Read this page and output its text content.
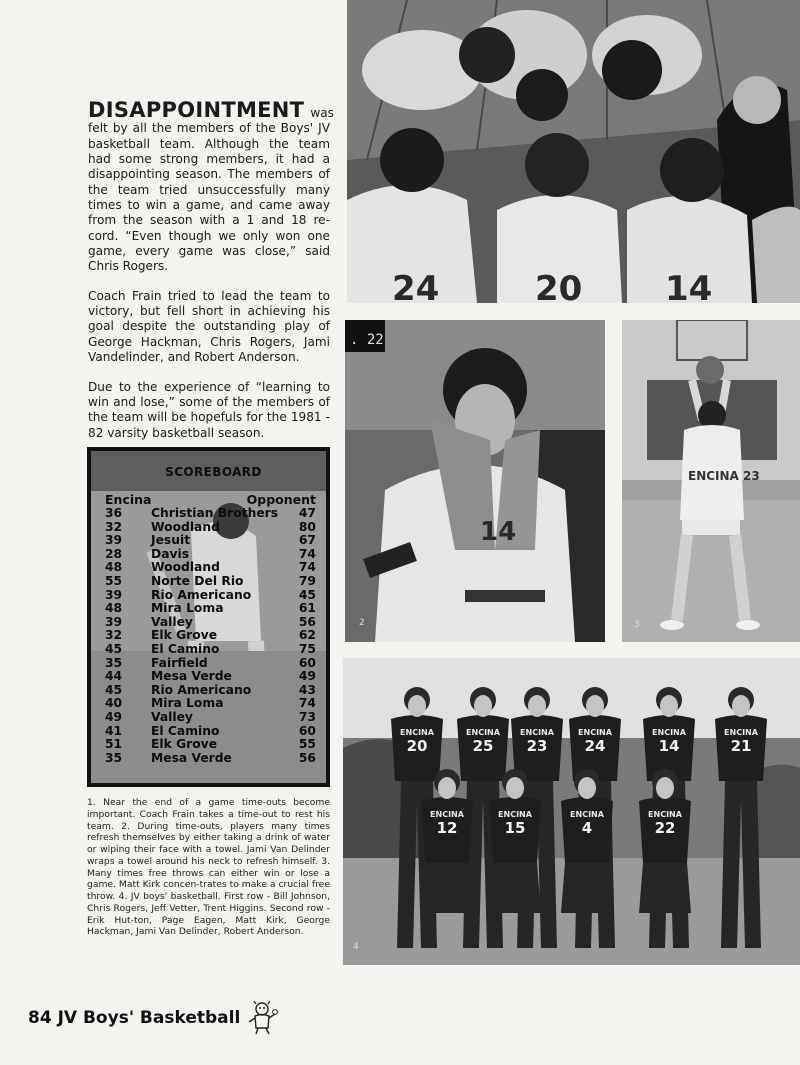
24	20 14
. 22
14
2
ENCINA 23
3
ENCINA
20
ENCINA
25
ENCINA
23
ENCINA
24
ENCINA
14
ENCINA
21
ENCINA
12
ENCINA
15
ENCINA
4
ENCINA
22
4

DISAPPOINTMENT was felt by all the members of the Boys' JV basketball team. Although the team had some strong members, it had a disappointing season. The members of the team tried unsuccessfully many times to win a game, and came away from the season with a 1 and 18 re-cord. “Even though we only won one game, every game was close,” said Chris Rogers.

Coach Frain tried to lead the team to victory, but fell short in achieving his goal despite the outstanding play of George Hackman, Chris Rogers, Jami Vandelinder, and Robert Anderson.

Due to the experience of “learning to win and lose,” some of the members of the team will be hopefuls for the 1981 - 82 varsity basketball season.

SCOREBOARD
Encina	Opponent
36	Christian Brothers	47
32	Woodland	80
39	Jesuit	67
28	Davis	74
48	Woodland	74
55	Norte Del Rio	79
39	Rio Americano	45
48	Mira Loma	61
39	Valley	56
32	Elk Grove	62
45	El Camino	75
35	Fairfield	60
44	Mesa Verde	49
45	Rio Americano	43
40	Mira Loma	74
49	Valley	73
41	El Camino	60
51	Elk Grove	55
35	Mesa Verde	56
1. Near the end of a game time-outs become important. Coach Frain takes a time-out to rest his team. 2. During time-outs, players many times refresh themselves by either taking a drink of water or wiping their face with a towel. Jami Van Delinder wraps a towel around his neck to refresh himself. 3. Many times free throws can either win or lose a game. Matt Kirk concen-trates to make a crucial free throw. 4. JV boys' basketball. First row - Bill Johnson, Chris Rogers, Jeff Vetter, Trent Higgins. Second row - Erik Hut-ton, Page Eagen, Matt Kirk, George Hackman, Jami Van Delinder, Robert Anderson.
84 JV Boys' Basketball
